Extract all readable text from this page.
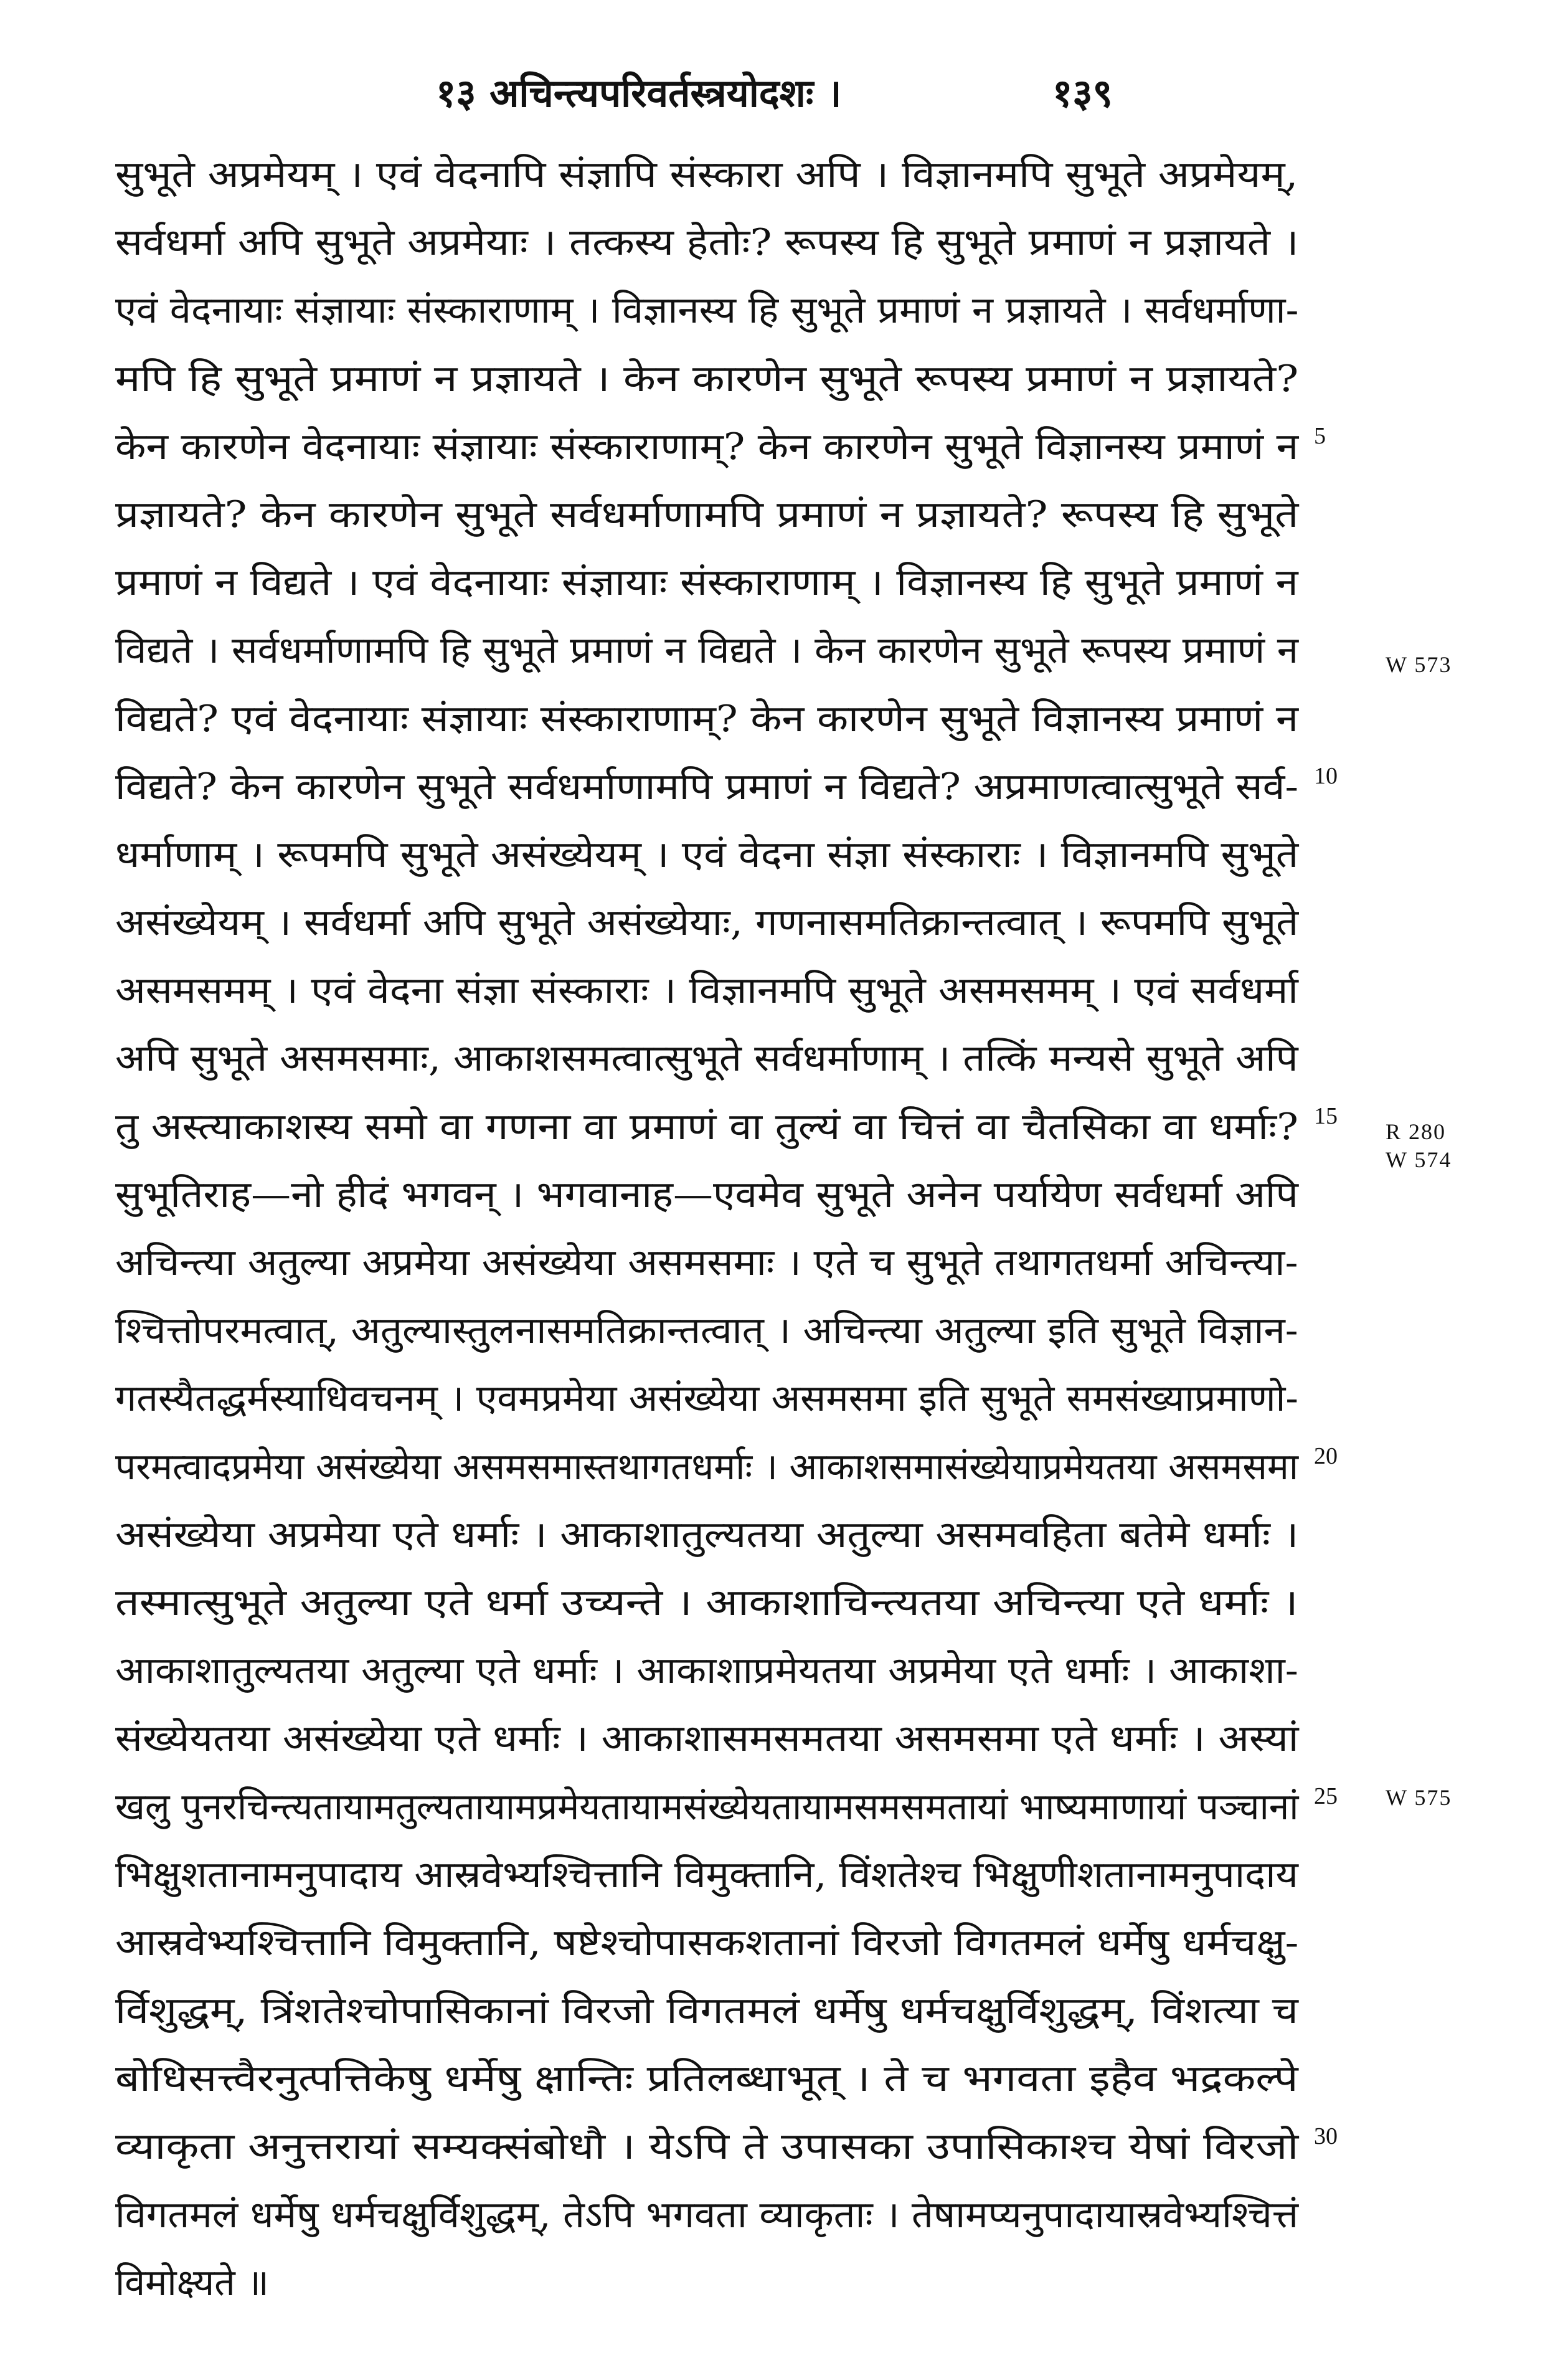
१३ अचिन्त्यपरिवर्तस्त्रयोदशः ।	१३९
सुभूते अप्रमेयम् । एवं वेदनापि संज्ञापि संस्कारा अपि । विज्ञानमपि सुभूते अप्रमेयम्,
सर्वधर्मा अपि सुभूते अप्रमेयाः । तत्कस्य हेतोः? रूपस्य हि सुभूते प्रमाणं न प्रज्ञायते ।
एवं वेदनायाः संज्ञायाः संस्काराणाम् । विज्ञानस्य हि सुभूते प्रमाणं न प्रज्ञायते । सर्वधर्माणा-
मपि हि सुभूते प्रमाणं न प्रज्ञायते । केन कारणेन सुभूते रूपस्य प्रमाणं न प्रज्ञायते?
केन कारणेन वेदनायाः संज्ञायाः संस्काराणाम्? केन कारणेन सुभूते विज्ञानस्य प्रमाणं न
प्रज्ञायते? केन कारणेन सुभूते सर्वधर्माणामपि प्रमाणं न प्रज्ञायते? रूपस्य हि सुभूते
प्रमाणं न विद्यते । एवं वेदनायाः संज्ञायाः संस्काराणाम् । विज्ञानस्य हि सुभूते प्रमाणं न
विद्यते । सर्वधर्माणामपि हि सुभूते प्रमाणं न विद्यते । केन कारणेन सुभूते रूपस्य प्रमाणं न
विद्यते? एवं वेदनायाः संज्ञायाः संस्काराणाम्? केन कारणेन सुभूते विज्ञानस्य प्रमाणं न
विद्यते? केन कारणेन सुभूते सर्वधर्माणामपि प्रमाणं न विद्यते? अप्रमाणत्वात्सुभूते सर्व-
धर्माणाम् । रूपमपि सुभूते असंख्येयम् । एवं वेदना संज्ञा संस्काराः । विज्ञानमपि सुभूते
असंख्येयम् । सर्वधर्मा अपि सुभूते असंख्येयाः, गणनासमतिक्रान्तत्वात् । रूपमपि सुभूते
असमसमम् । एवं वेदना संज्ञा संस्काराः । विज्ञानमपि सुभूते असमसमम् । एवं सर्वधर्मा
अपि सुभूते असमसमाः, आकाशसमत्वात्सुभूते सर्वधर्माणाम् । तत्किं मन्यसे सुभूते अपि
तु अस्त्याकाशस्य समो वा गणना वा प्रमाणं वा तुल्यं वा चित्तं वा चैतसिका वा धर्माः?
सुभूतिराह—नो हीदं भगवन् । भगवानाह—एवमेव सुभूते अनेन पर्यायेण सर्वधर्मा अपि
अचिन्त्या अतुल्या अप्रमेया असंख्येया असमसमाः । एते च सुभूते तथागतधर्मा अचिन्त्या-
श्चित्तोपरमत्वात्, अतुल्यास्तुलनासमतिक्रान्तत्वात् । अचिन्त्या अतुल्या इति सुभूते विज्ञान-
गतस्यैतद्धर्मस्याधिवचनम् । एवमप्रमेया असंख्येया असमसमा इति सुभूते समसंख्याप्रमाणो-
परमत्वादप्रमेया असंख्येया असमसमास्तथागतधर्माः । आकाशसमासंख्येयाप्रमेयतया असमसमा
असंख्येया अप्रमेया एते धर्माः । आकाशातुल्यतया अतुल्या असमवहिता बतेमे धर्माः ।
तस्मात्सुभूते अतुल्या एते धर्मा उच्यन्ते । आकाशाचिन्त्यतया अचिन्त्या एते धर्माः ।
आकाशातुल्यतया अतुल्या एते धर्माः । आकाशाप्रमेयतया अप्रमेया एते धर्माः । आकाशा-
संख्येयतया असंख्येया एते धर्माः । आकाशासमसमतया असमसमा एते धर्माः । अस्यां
खलु पुनरचिन्त्यतायामतुल्यतायामप्रमेयतायामसंख्येयतायामसमसमतायां भाष्यमाणायां पञ्चानां
भिक्षुशतानामनुपादाय आस्रवेभ्यश्चित्तानि विमुक्तानि, विंशतेश्च भिक्षुणीशतानामनुपादाय
आस्रवेभ्यश्चित्तानि विमुक्तानि, षष्टेश्चोपासकशतानां विरजो विगतमलं धर्मेषु धर्मचक्षु-
र्विशुद्धम्, त्रिंशतेश्चोपासिकानां विरजो विगतमलं धर्मेषु धर्मचक्षुर्विशुद्धम्, विंशत्या च
बोधिसत्त्वैरनुत्पत्तिकेषु धर्मेषु क्षान्तिः प्रतिलब्धाभूत् । ते च भगवता इहैव भद्रकल्पे
व्याकृता अनुत्तरायां सम्यक्संबोधौ । येऽपि ते उपासका उपासिकाश्च येषां विरजो
विगतमलं धर्मेषु धर्मचक्षुर्विशुद्धम्, तेऽपि भगवता व्याकृताः । तेषामप्यनुपादायास्रवेभ्यश्चित्तं
विमोक्ष्यते ॥
5
10
15
20
25
30
W 573
R 280
W 574
W 575
